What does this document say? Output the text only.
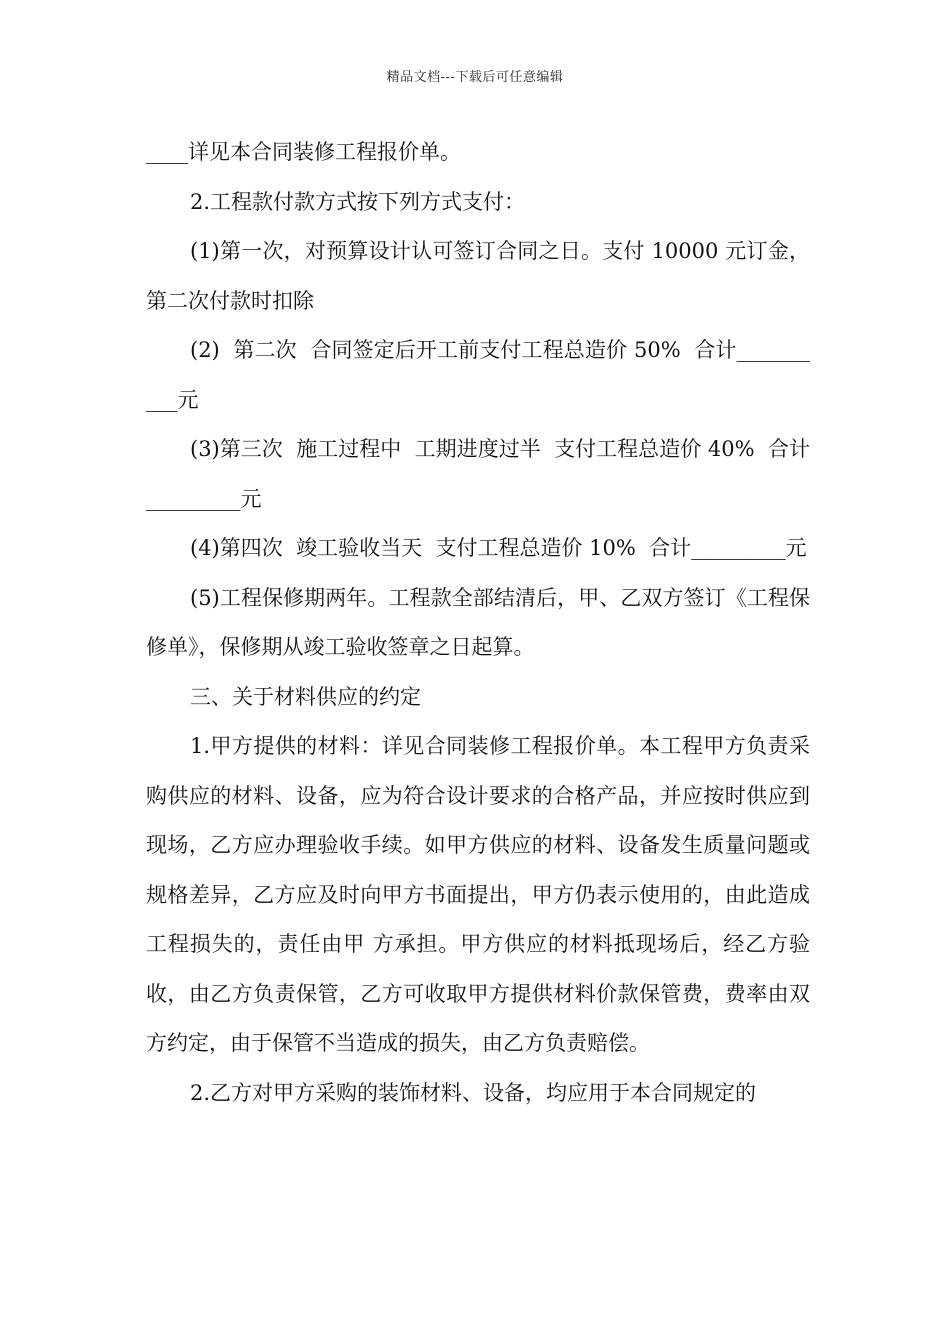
精品文档---下载后可任意编辑

____详见本合同装修工程报价单。

2.工程款付款方式按下列方式支付：

(1)第一次，对预算设计认可签订合同之日。支付 10000 元订金，第二次付款时扣除

(2)  第二次  合同签定后开工前支付工程总造价 50%  合计__________元

(3)第三次  施工过程中  工期进度过半  支付工程总造价 40%  合计_________元

(4)第四次  竣工验收当天  支付工程总造价 10%  合计_________元

(5)工程保修期两年。工程款全部结清后，甲、乙双方签订《工程保修单》，保修期从竣工验收签章之日起算。

三、关于材料供应的约定

1.甲方提供的材料：详见合同装修工程报价单。本工程甲方负责采购供应的材料、设备，应为符合设计要求的合格产品，并应按时供应到 现场，乙方应办理验收手续。如甲方供应的材料、设备发生质量问题或规格差异，乙方应及时向甲方书面提出，甲方仍表示使用的，由此造成工程损失的，责任由甲 方承担。甲方供应的材料抵现场后，经乙方验收，由乙方负责保管，乙方可收取甲方提供材料价款保管费，费率由双方约定，由于保管不当造成的损失，由乙方负责赔偿。

2.乙方对甲方采购的装饰材料、设备，均应用于本合同规定的
